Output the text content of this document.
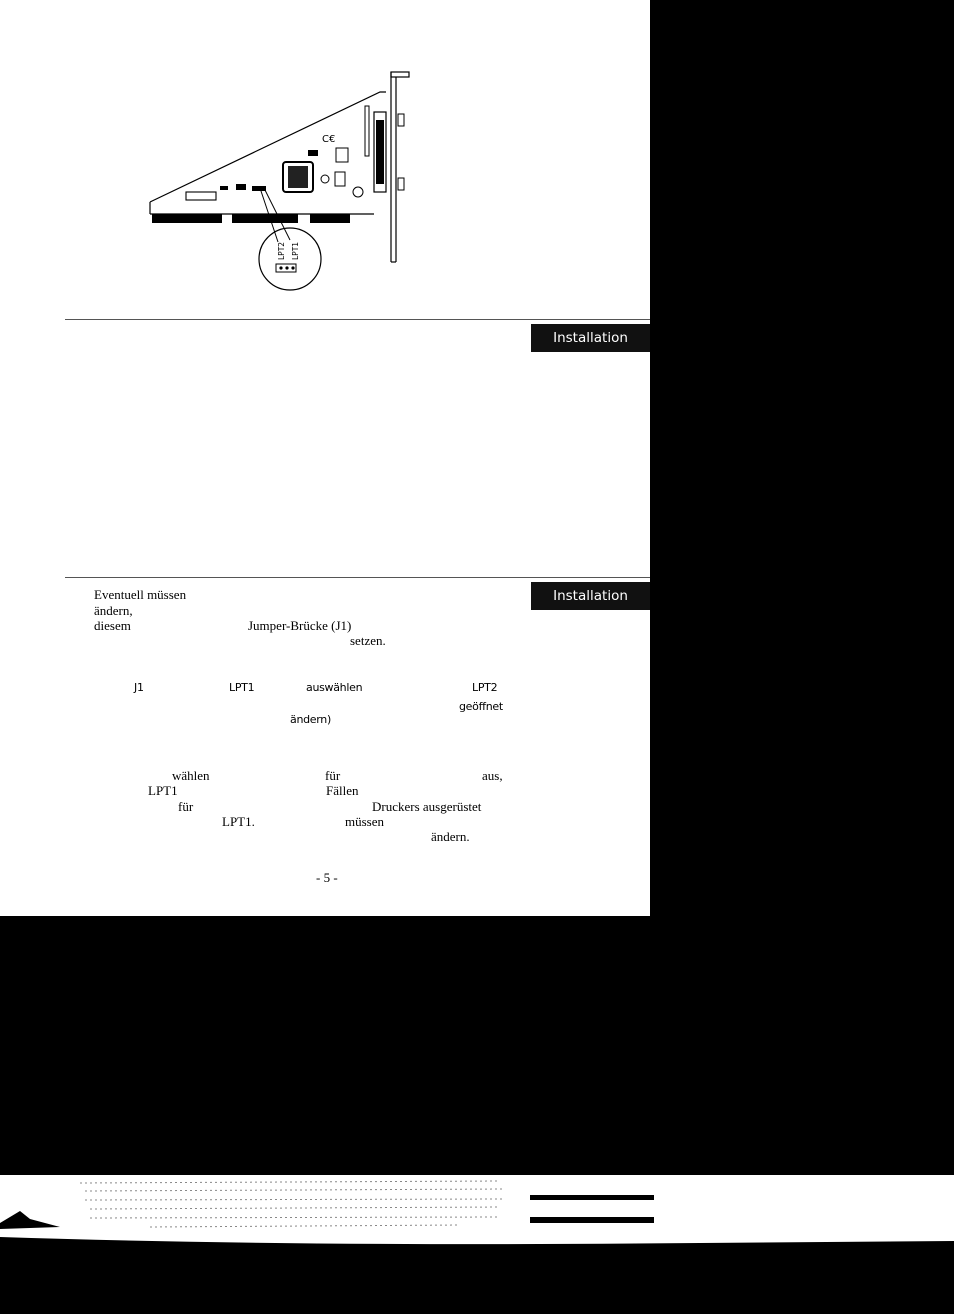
C€
LPT2 LPT1
Installation
Installation
Eventuell müssen
ändern,
diesem	Jumper-Brücke (J1)
setzen.
J1	LPT1	auswählen	LPT2
geöffnet
ändern)
wählen	für	aus,
LPT1	Fällen
für	Druckers ausgerüstet
LPT1.	müssen
ändern.
- 5 -
